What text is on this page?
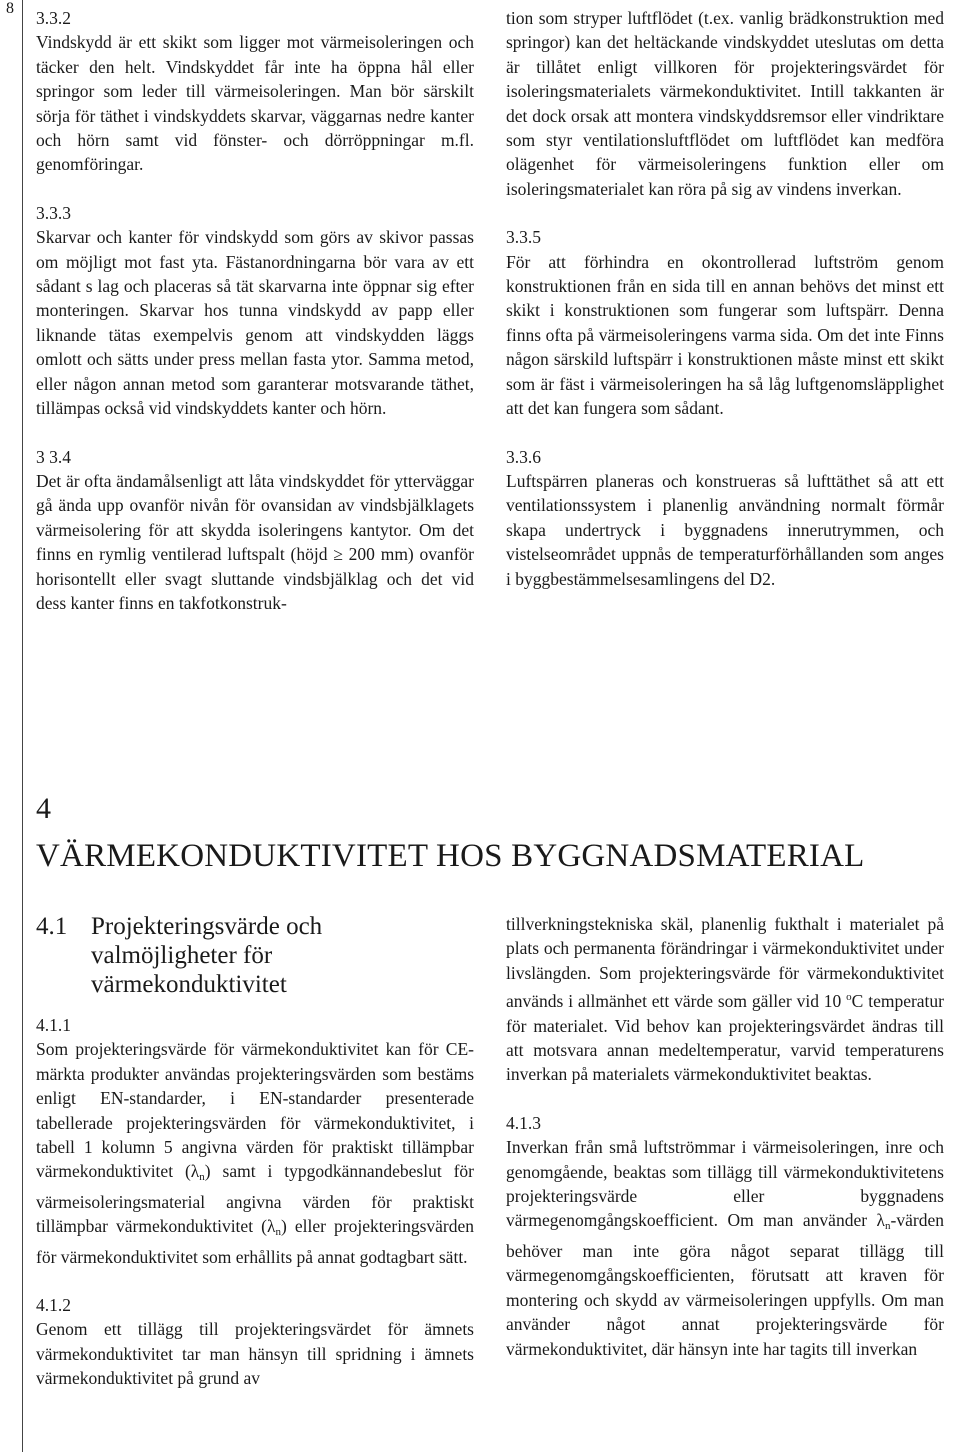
8 3.3.2

Vindskydd är ett skikt som ligger mot värmeisoleringen och täcker den helt. Vindskyddet får inte ha öppna hål eller springor som leder till värmeisoleringen. Man bör särskilt sörja för täthet i vindskyddets skarvar, väggarnas nedre kanter och hörn samt vid fönster- och dörröppningar m.fl. genomföringar.

3.3.3

Skarvar och kanter för vindskydd som görs av skivor passas om möjligt mot fast yta. Fästanordningarna bör vara av ett sådant s lag och placeras så tät skarvarna inte öppnar sig efter monteringen. Skarvar hos tunna vindskydd av papp eller liknande tätas exempelvis genom att vindskydden läggs omlott och sätts under press mellan fasta ytor. Samma metod, eller någon annan metod som garanterar motsvarande täthet, tillämpas också vid vindskyddets kanter och hörn.

3 3.4

Det är ofta ändamålsenligt att låta vindskyddet för ytterväggar gå ända upp ovanför nivån för ovansidan av vindsbjälklagets värmeisolering för att skydda isoleringens kantytor. Om det finns en rymlig ventilerad luftspalt (höjd ≥ 200 mm) ovanför horisontellt eller svagt sluttande vindsbjälklag och det vid dess kanter finns en takfotkonstruk-

tion som stryper luftflödet (t.ex. vanlig brädkonstruktion med springor) kan det heltäckande vindskyddet uteslutas om detta är tillåtet enligt villkoren för projekteringsvärdet för isoleringsmaterialets värmekonduktivitet. Intill takkanten är det dock orsak att montera vindskyddsremsor eller vindriktare som styr ventilationsluftflödet om luftflödet kan medföra olägenhet för värmeisoleringens funktion eller om isoleringsmaterialet kan röra på sig av vindens inverkan.

3.3.5

För att förhindra en okontrollerad luftström genom konstruktionen från en sida till en annan behövs det minst ett skikt i konstruktionen som fungerar som luftspärr. Denna finns ofta på värmeisoleringens varma sida. Om det inte Finns någon särskild luftspärr i konstruktionen måste minst ett skikt som är fäst i värmeisoleringen ha så låg luftgenomsläpplighet att det kan fungera som sådant.

3.3.6

Luftspärren planeras och konstrueras så lufttäthet så att ett ventilationssystem i planenlig användning normalt förmår skapa undertryck i byggnadens innerutrymmen, och vistelseområdet uppnås de temperaturförhållanden som anges i byggbestämmelsesamlingens del D2.

4
VÄRMEKONDUKTIVITET HOS BYGGNADSMATERIAL
4.1 Projekteringsvärde och valmöjligheter för värmekonduktivitet

4.1.1

Som projekteringsvärde för värmekonduktivitet kan för CE-märkta produkter användas projekteringsvärden som bestäms enligt EN-standarder, i EN-standarder presenterade tabellerade projekteringsvärden för värmekonduktivitet, i tabell 1 kolumn 5 angivna värden för praktiskt tillämpbar värmekonduktivitet $(\lambda_n)$ samt i typgodkännandebeslut för värmeisoleringsmaterial angivna värden för praktiskt tillämpbar värmekonduktivitet $(\lambda_n)$ eller projekteringsvärden för värmekonduktivitet som erhållits på annat godtagbart sätt.

4.1.2

Genom ett tillägg till projekteringsvärdet för ämnets värmekonduktivitet tar man hänsyn till spridning i ämnets värmekonduktivitet på grund av

tillverkningstekniska skäl, planenlig fukthalt i materialet på plats och permanenta förändringar i värmekonduktivitet under livslängden. Som projekteringsvärde för värmekonduktivitet används i allmänhet ett värde som gäller vid 10 $^o$C temperatur för materialet. Vid behov kan projekteringsvärdet ändras till att motsvara annan medeltemperatur, varvid temperaturens inverkan på materialets värmekonduktivitet beaktas.

4.1.3

Inverkan från små luftströmmar i värmeisoleringen, inre och genomgående, beaktas som tillägg till värmekonduktivitetens projekteringsvärde eller byggnadens värmegenomgångskoefficient. Om man använder $\lambda_n$-värden behöver man inte göra något separat tillägg till värmegenomgångskoefficienten, förutsatt att kraven för montering och skydd av värmeisoleringen uppfylls. Om man använder något annat projekteringsvärde för värmekonduktivitet, där hänsyn inte har tagits till inverkan
